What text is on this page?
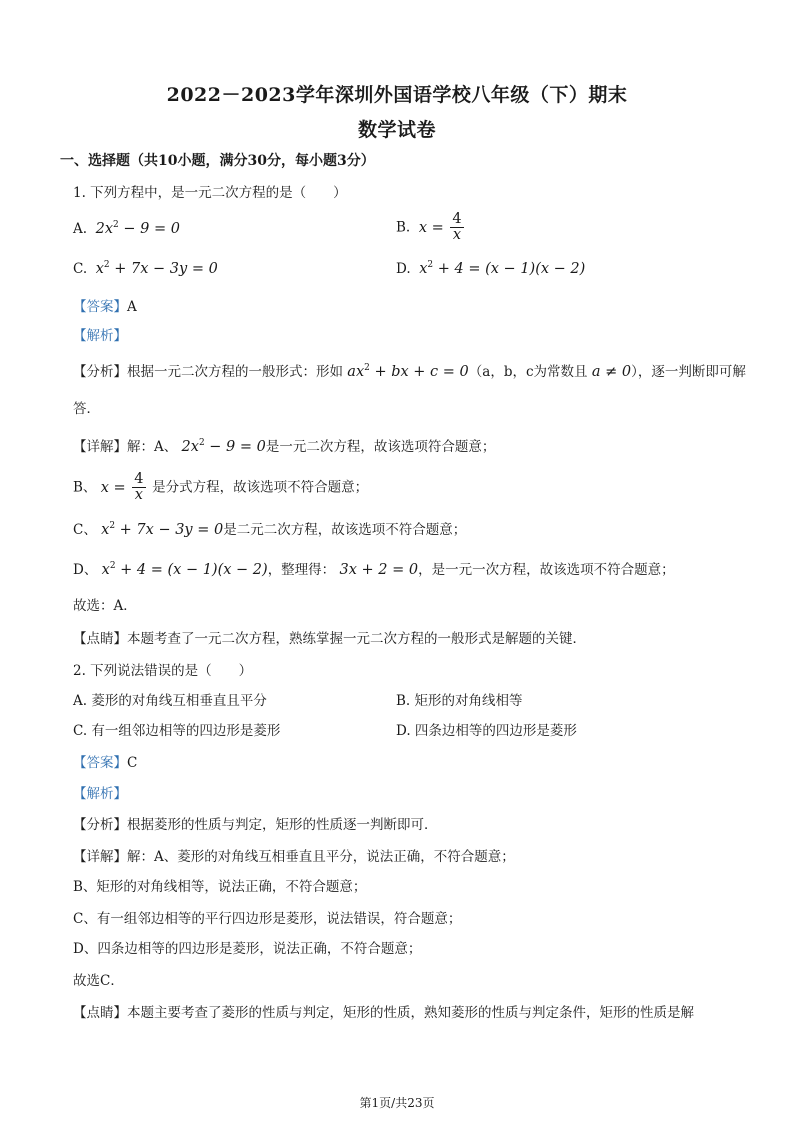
2022－2023学年深圳外国语学校八年级（下）期末
数学试卷
一、选择题（共10小题，满分30分，每小题3分）
1. 下列方程中，是一元二次方程的是（　　）
A. $2x^2 - 9 = 0$	B. $x = \frac{4}{x}$
C. $x^2 + 7x - 3y = 0$	D. $x^2 + 4 = (x - 1)(x - 2)$
【答案】A
【解析】
【分析】根据一元二次方程的一般形式：形如 $ax^2$ + bx + c = 0（a，b，c为常数且 a ≠ 0），逐一判断即可解
答．
【详解】解：A、 $2x^2 - 9 = 0$是一元二次方程，故该选项符合题意；
B、 $x = \frac{4}{x}$ 是分式方程，故该选项不符合题意；
C、 $x^2 + 7x - 3y = 0$是二元二次方程，故该选项不符合题意；
D、 $x^2 + 4 = (x - 1)(x - 2)$，整理得： 3x + 2 = 0，是一元一次方程，故该选项不符合题意；
故选：A．
【点睛】本题考查了一元二次方程，熟练掌握一元二次方程的一般形式是解题的关键．
2. 下列说法错误的是（　　）
A. 菱形的对角线互相垂直且平分	B. 矩形的对角线相等
C. 有一组邻边相等的四边形是菱形	D. 四条边相等的四边形是菱形
【答案】C
【解析】
【分析】根据菱形的性质与判定，矩形的性质逐一判断即可．
【详解】解：A、菱形的对角线互相垂直且平分，说法正确，不符合题意；
B、矩形的对角线相等，说法正确，不符合题意；
C、有一组邻边相等的平行四边形是菱形，说法错误，符合题意；
D、四条边相等的四边形是菱形，说法正确，不符合题意；
故选C．
【点睛】本题主要考查了菱形的性质与判定，矩形的性质，熟知菱形的性质与判定条件，矩形的性质是解
第1页/共23页
